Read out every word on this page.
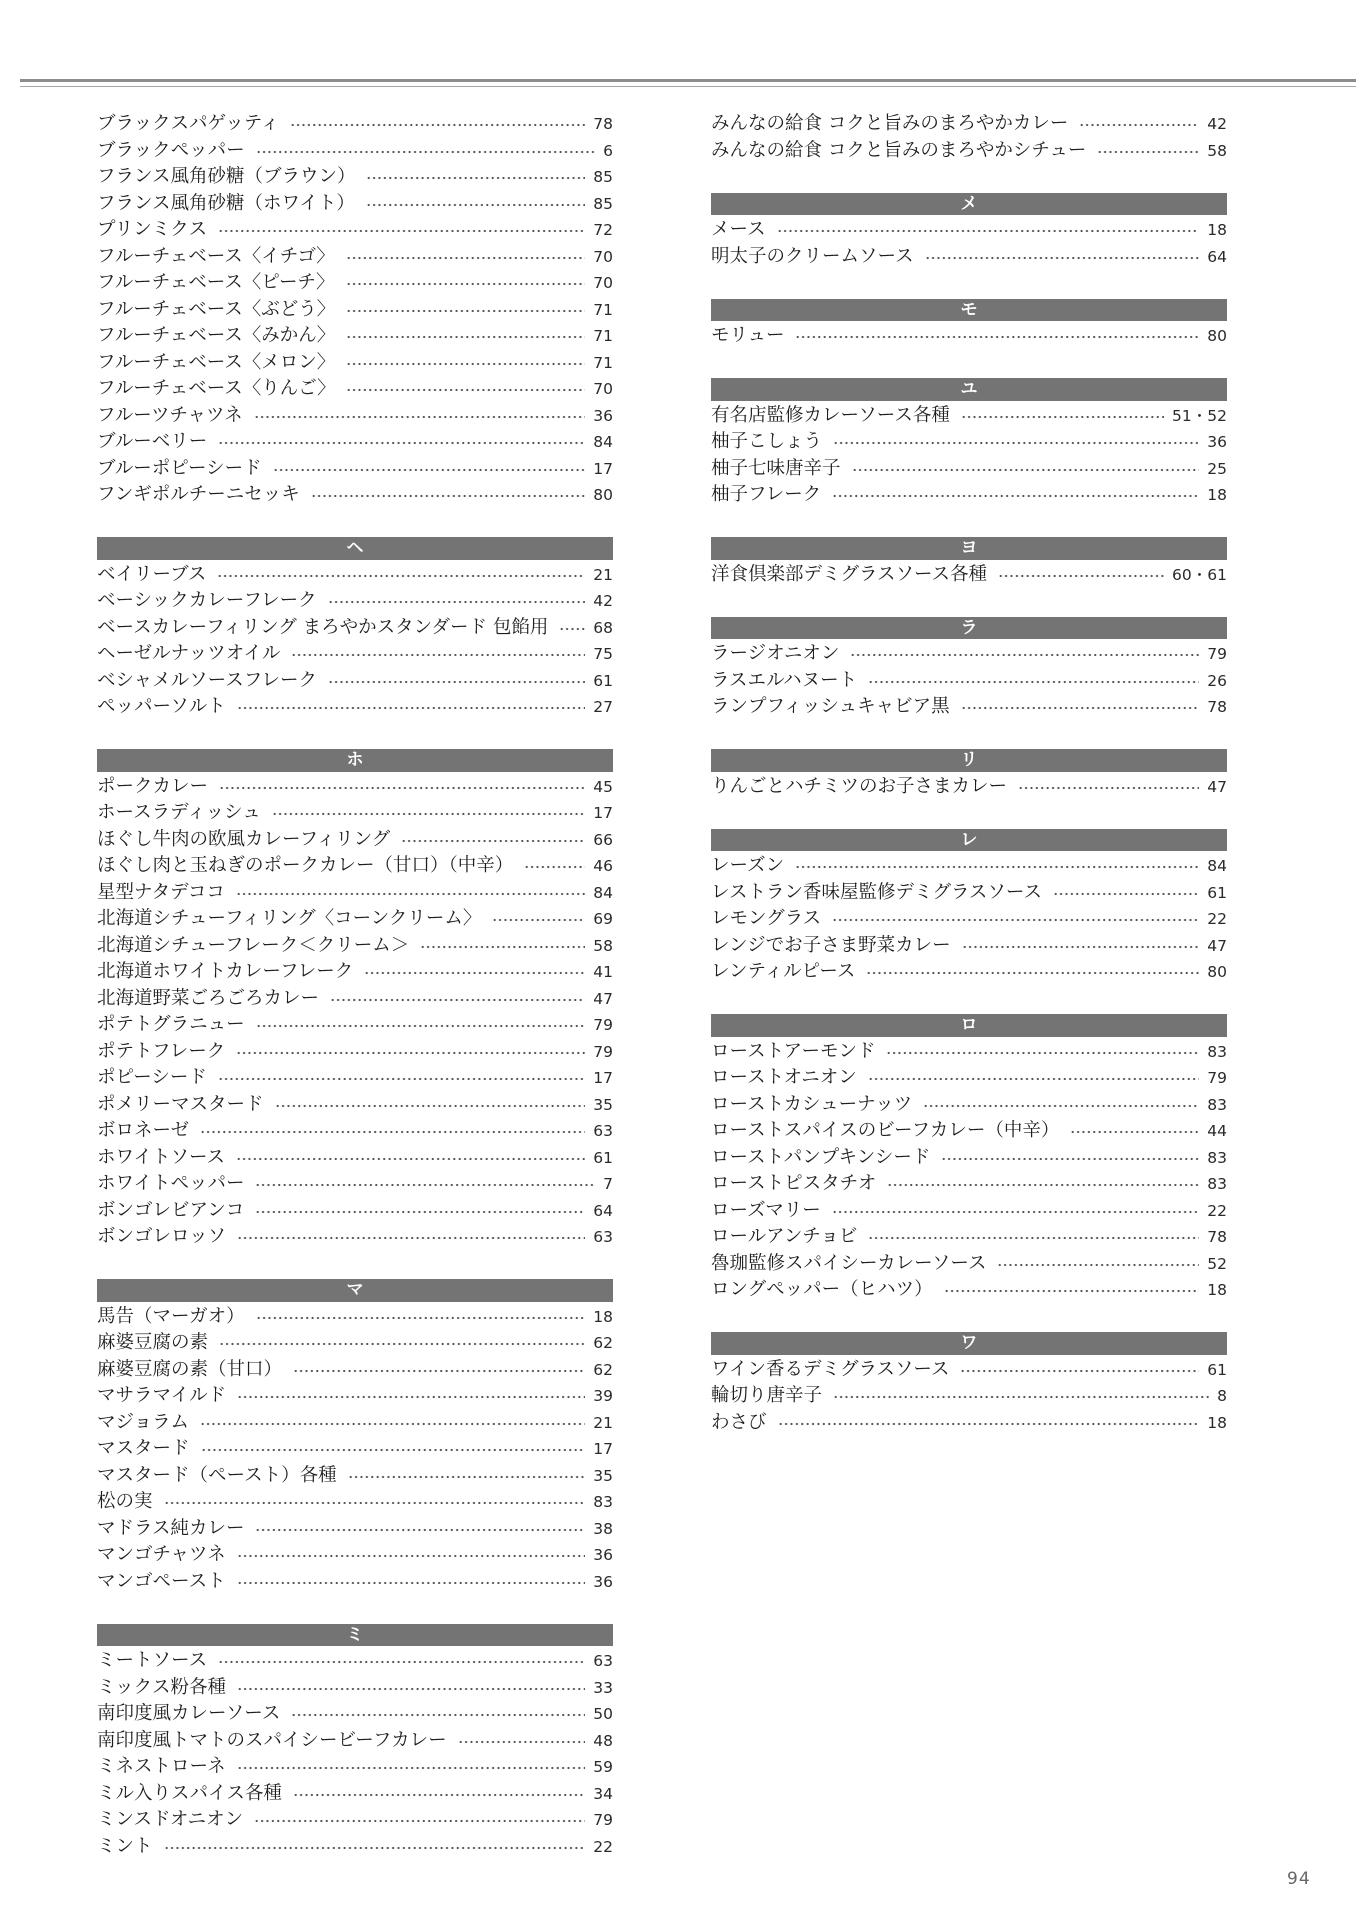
ブラックスパゲッティ	78
ブラックペッパー	6
フランス風角砂糖（ブラウン）	85
フランス風角砂糖（ホワイト）	85
プリンミクス	72
フルーチェベース〈イチゴ〉	70
フルーチェベース〈ピーチ〉	70
フルーチェベース〈ぶどう〉	71
フルーチェベース〈みかん〉	71
フルーチェベース〈メロン〉	71
フルーチェベース〈りんご〉	70
フルーツチャツネ	36
ブルーベリー	84
ブルーポピーシード	17
フンギポルチーニセッキ	80
ヘ
ベイリーブス	21
ベーシックカレーフレーク	42
ベースカレーフィリング まろやかスタンダード 包餡用	68
ヘーゼルナッツオイル	75
ベシャメルソースフレーク	61
ペッパーソルト	27
ホ
ポークカレー	45
ホースラディッシュ	17
ほぐし牛肉の欧風カレーフィリング	66
ほぐし肉と玉ねぎのポークカレー（甘口）（中辛）	46
星型ナタデココ	84
北海道シチューフィリング〈コーンクリーム〉	69
北海道シチューフレーク＜クリーム＞	58
北海道ホワイトカレーフレーク	41
北海道野菜ごろごろカレー	47
ポテトグラニュー	79
ポテトフレーク	79
ポピーシード	17
ポメリーマスタード	35
ボロネーゼ	63
ホワイトソース	61
ホワイトペッパー	7
ボンゴレビアンコ	64
ボンゴレロッソ	63
マ
馬告（マーガオ）	18
麻婆豆腐の素	62
麻婆豆腐の素（甘口）	62
マサラマイルド	39
マジョラム	21
マスタード	17
マスタード（ペースト）各種	35
松の実	83
マドラス純カレー	38
マンゴチャツネ	36
マンゴペースト	36
ミ
ミートソース	63
ミックス粉各種	33
南印度風カレーソース	50
南印度風トマトのスパイシービーフカレー	48
ミネストローネ	59
ミル入りスパイス各種	34
ミンスドオニオン	79
ミント	22
みんなの給食 コクと旨みのまろやかカレー	42
みんなの給食 コクと旨みのまろやかシチュー	58
メ
メース	18
明太子のクリームソース	64
モ
モリュー	80
ユ
有名店監修カレーソース各種	51・52
柚子こしょう	36
柚子七味唐辛子	25
柚子フレーク	18
ヨ
洋食倶楽部デミグラスソース各種	60・61
ラ
ラージオニオン	79
ラスエルハヌート	26
ランプフィッシュキャビア黒	78
リ
りんごとハチミツのお子さまカレー	47
レ
レーズン	84
レストラン香味屋監修デミグラスソース	61
レモングラス	22
レンジでお子さま野菜カレー	47
レンティルピース	80
ロ
ローストアーモンド	83
ローストオニオン	79
ローストカシューナッツ	83
ローストスパイスのビーフカレー（中辛）	44
ローストパンプキンシード	83
ローストピスタチオ	83
ローズマリー	22
ロールアンチョビ	78
魯珈監修スパイシーカレーソース	52
ロングペッパー（ヒハツ）	18
ワ
ワイン香るデミグラスソース	61
輪切り唐辛子	8
わさび	18
94
